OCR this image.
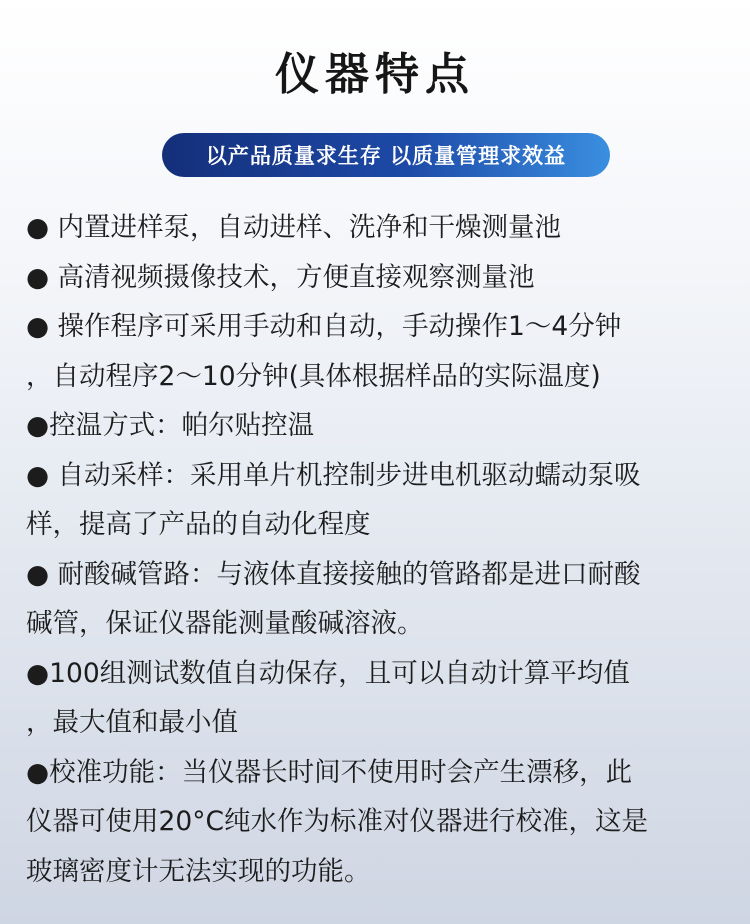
仪器特点
以产品质量求生存 以质量管理求效益
● 内置进样泵，自动进样、洗净和干燥测量池
● 高清视频摄像技术，方便直接观察测量池
● 操作程序可采用手动和自动，手动操作1～4分钟
，自动程序2～10分钟(具体根据样品的实际温度)
●控温方式：帕尔贴控温
● 自动采样：采用单片机控制步进电机驱动蠕动泵吸
样，提高了产品的自动化程度
● 耐酸碱管路：与液体直接接触的管路都是进口耐酸
碱管，保证仪器能测量酸碱溶液。
●100组测试数值自动保存，且可以自动计算平均值
，最大值和最小值
●校准功能：当仪器长时间不使用时会产生漂移，此
仪器可使用20°C纯水作为标准对仪器进行校准，这是
玻璃密度计无法实现的功能。
